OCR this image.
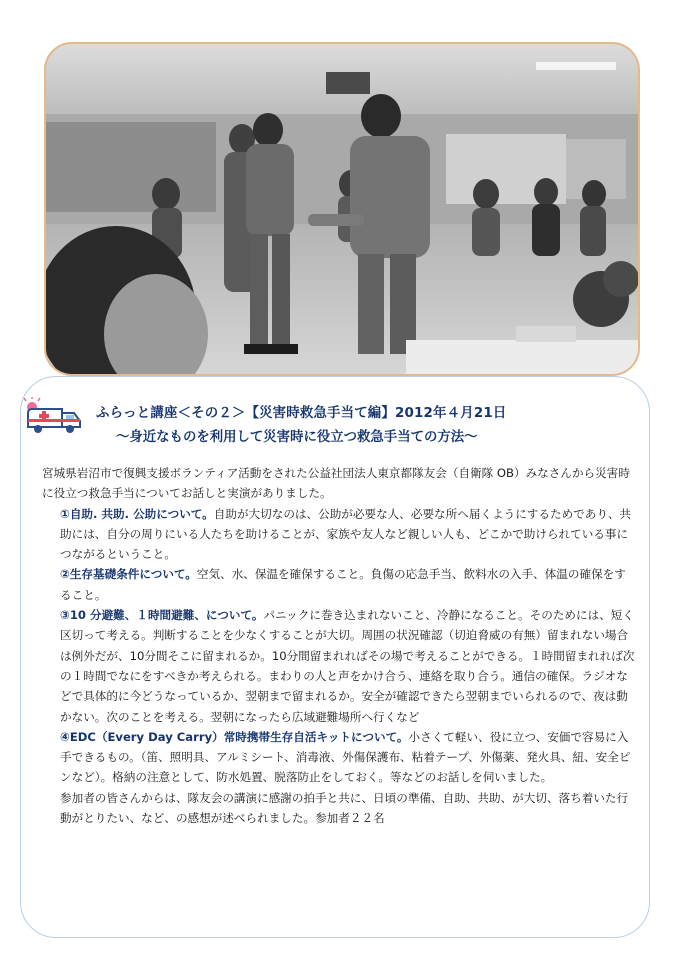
ふらっと講座＜その２＞【災害時救急手当て編】2012年４月21日
～身近なものを利用して災害時に役立つ救急手当ての方法～

宮城県岩沼市で復興支援ボランティア活動をされた公益社団法人東京都隊友会（自衛隊 OB）みなさんから災害時に役立つ救急手当についてお話しと実演がありました。

①自助. 共助. 公助について。自助が大切なのは、公助が必要な人、必要な所へ届くようにするためであり、共助には、自分の周りにいる人たちを助けることが、家族や友人など親しい人も、どこかで助けられている事につながるということ。

②生存基礎条件について。空気、水、保温を確保すること。負傷の応急手当、飲料水の入手、体温の確保をすること。

③10 分避難、１時間避難、について。パニックに巻き込まれないこと、冷静になること。そのためには、短く区切って考える。判断することを少なくすることが大切。周囲の状況確認（切迫脅威の有無）留まれない場合は例外だが、10分間そこに留まれるか。10分間留まれればその場で考えることができる。１時間留まれれば次の１時間でなにをすべきか考えられる。まわりの人と声をかけ合う、連絡を取り合う。通信の確保。ラジオなどで具体的に今どうなっているか、翌朝まで留まれるか。安全が確認できたら翌朝までいられるので、夜は動かない。次のことを考える。翌朝になったら広域避難場所へ行くなど

④EDC（Every Day Carry）常時携帯生存自活キットについて。小さくて軽い、役に立つ、安価で容易に入手できるもの。（笛、照明具、アルミシート、消毒液、外傷保護布、粘着テープ、外傷薬、発火具、紐、安全ピンなど）。格納の注意として、防水処置、脱落防止をしておく。等などのお話しを伺いました。

参加者の皆さんからは、隊友会の講演に感謝の拍手と共に、日頃の準備、自助、共助、が大切、落ち着いた行動がとりたい、など、の感想が述べられました。参加者２２名
